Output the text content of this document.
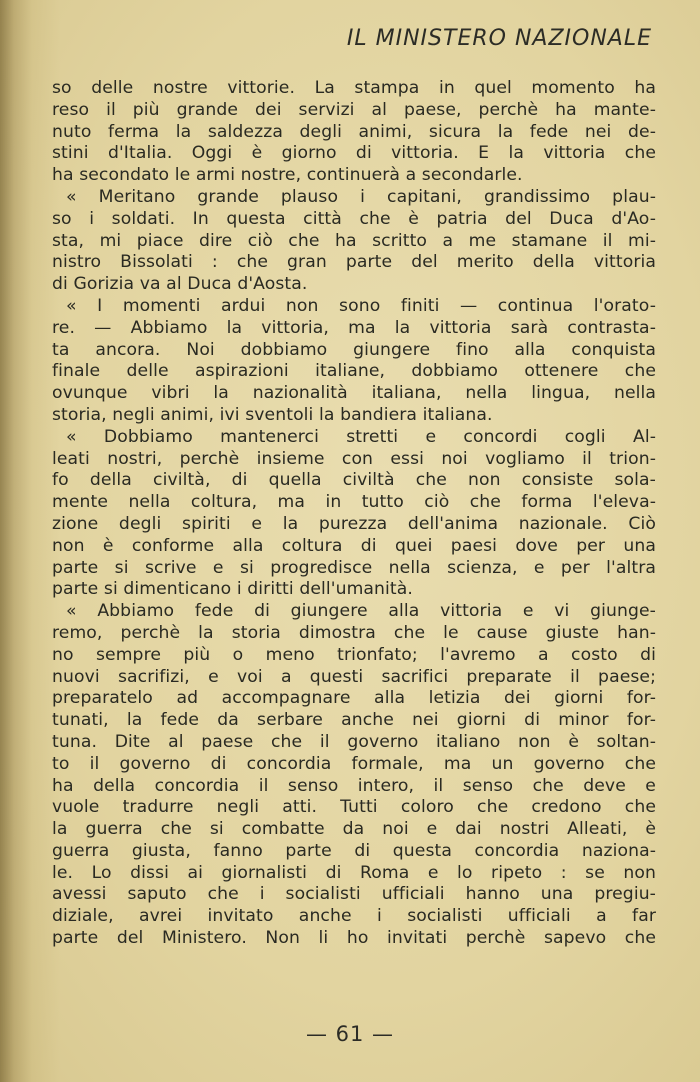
IL MINISTERO NAZIONALE
so delle nostre vittorie. La stampa in quel momento ha
reso il più grande dei servizi al paese, perchè ha mante-
nuto ferma la saldezza degli animi, sicura la fede nei de-
stini d'Italia. Oggi è giorno di vittoria. E la vittoria che
ha secondato le armi nostre, continuerà a secondarle.
« Meritano grande plauso i capitani, grandissimo plau-
so i soldati. In questa città che è patria del Duca d'Ao-
sta, mi piace dire ciò che ha scritto a me stamane il mi-
nistro Bissolati : che gran parte del merito della vittoria
di Gorizia va al Duca d'Aosta.
« I momenti ardui non sono finiti — continua l'orato-
re. — Abbiamo la vittoria, ma la vittoria sarà contrasta-
ta ancora. Noi dobbiamo giungere fino alla conquista
finale delle aspirazioni italiane, dobbiamo ottenere che
ovunque vibri la nazionalità italiana, nella lingua, nella
storia, negli animi, ivi sventoli la bandiera italiana.
« Dobbiamo mantenerci stretti e concordi cogli Al-
leati nostri, perchè insieme con essi noi vogliamo il trion-
fo della civiltà, di quella civiltà che non consiste sola-
mente nella coltura, ma in tutto ciò che forma l'eleva-
zione degli spiriti e la purezza dell'anima nazionale. Ciò
non è conforme alla coltura di quei paesi dove per una
parte si scrive e si progredisce nella scienza, e per l'altra
parte si dimenticano i diritti dell'umanità.
« Abbiamo fede di giungere alla vittoria e vi giunge-
remo, perchè la storia dimostra che le cause giuste han-
no sempre più o meno trionfato; l'avremo a costo di
nuovi sacrifizi, e voi a questi sacrifici preparate il paese;
preparatelo ad accompagnare alla letizia dei giorni for-
tunati, la fede da serbare anche nei giorni di minor for-
tuna. Dite al paese che il governo italiano non è soltan-
to il governo di concordia formale, ma un governo che
ha della concordia il senso intero, il senso che deve e
vuole tradurre negli atti. Tutti coloro che credono che
la guerra che si combatte da noi e dai nostri Alleati, è
guerra giusta, fanno parte di questa concordia naziona-
le. Lo dissi ai giornalisti di Roma e lo ripeto : se non
avessi saputo che i socialisti ufficiali hanno una pregiu-
diziale, avrei invitato anche i socialisti ufficiali a far
parte del Ministero. Non li ho invitati perchè sapevo che
— 61 —
